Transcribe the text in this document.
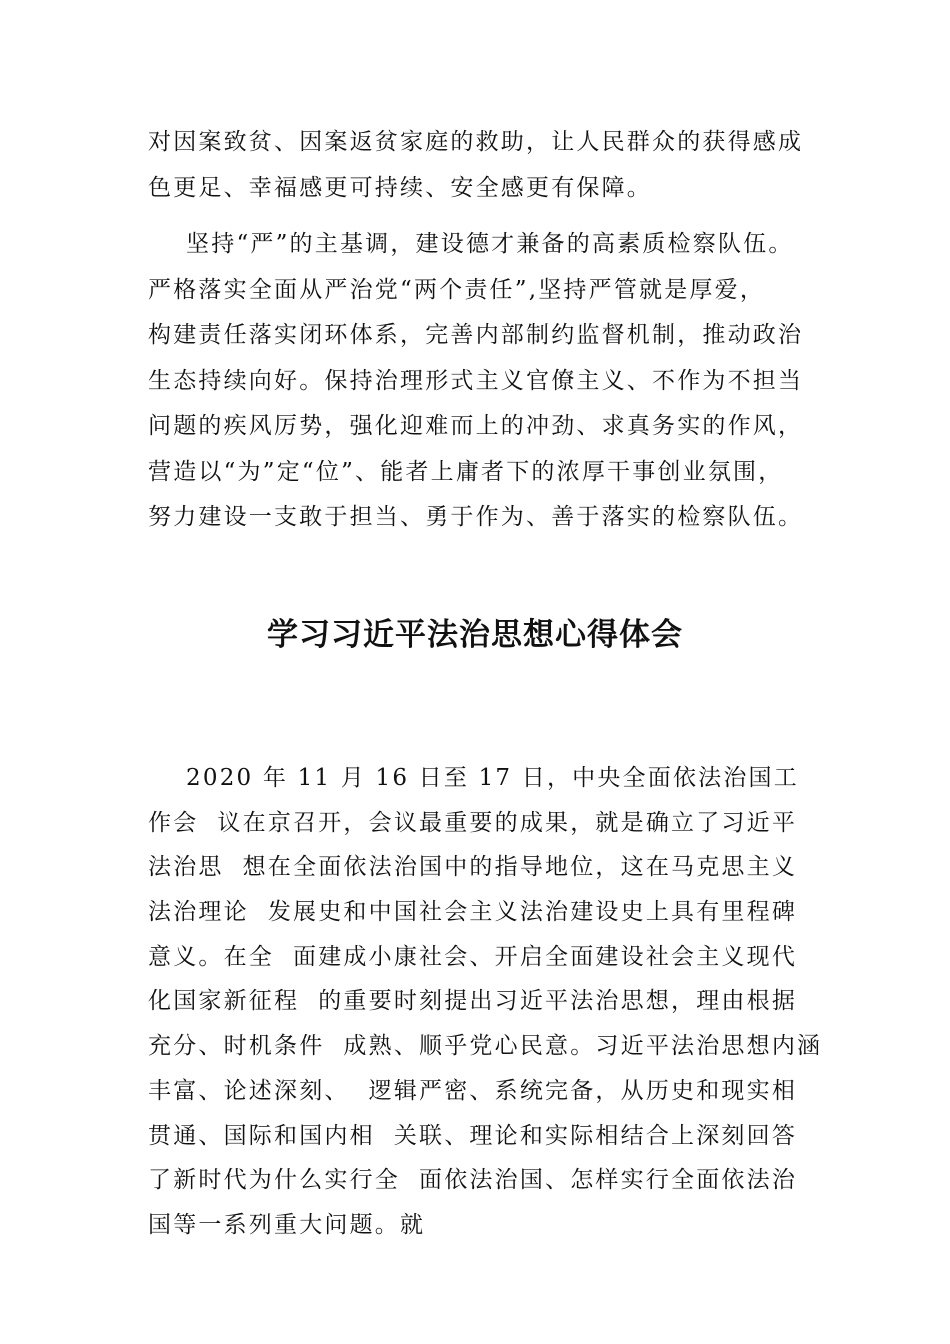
对因案致贫、因案返贫家庭的救助，让人民群众的获得感成
色更足、幸福感更可持续、安全感更有保障。

坚持“严”的主基调，建设德才兼备的高素质检察队伍。
严格落实全面从严治党“两个责任”,坚持严管就是厚爱，
构建责任落实闭环体系，完善内部制约监督机制，推动政治
生态持续向好。保持治理形式主义官僚主义、不作为不担当
问题的疾风厉势，强化迎难而上的冲劲、求真务实的作风，
营造以“为”定“位”、能者上庸者下的浓厚干事创业氛围，
努力建设一支敢于担当、勇于作为、善于落实的检察队伍。

学习习近平法治思想心得体会

2020 年 11 月 16 日至 17 日，中央全面依法治国工
作会  议在京召开，会议最重要的成果，就是确立了习近平
法治思  想在全面依法治国中的指导地位，这在马克思主义
法治理论  发展史和中国社会主义法治建设史上具有里程碑
意义。在全  面建成小康社会、开启全面建设社会主义现代
化国家新征程  的重要时刻提出习近平法治思想，理由根据
充分、时机条件  成熟、顺乎党心民意。习近平法治思想内涵
丰富、论述深刻、  逻辑严密、系统完备，从历史和现实相
贯通、国际和国内相  关联、理论和实际相结合上深刻回答
了新时代为什么实行全  面依法治国、怎样实行全面依法治
国等一系列重大问题。就
